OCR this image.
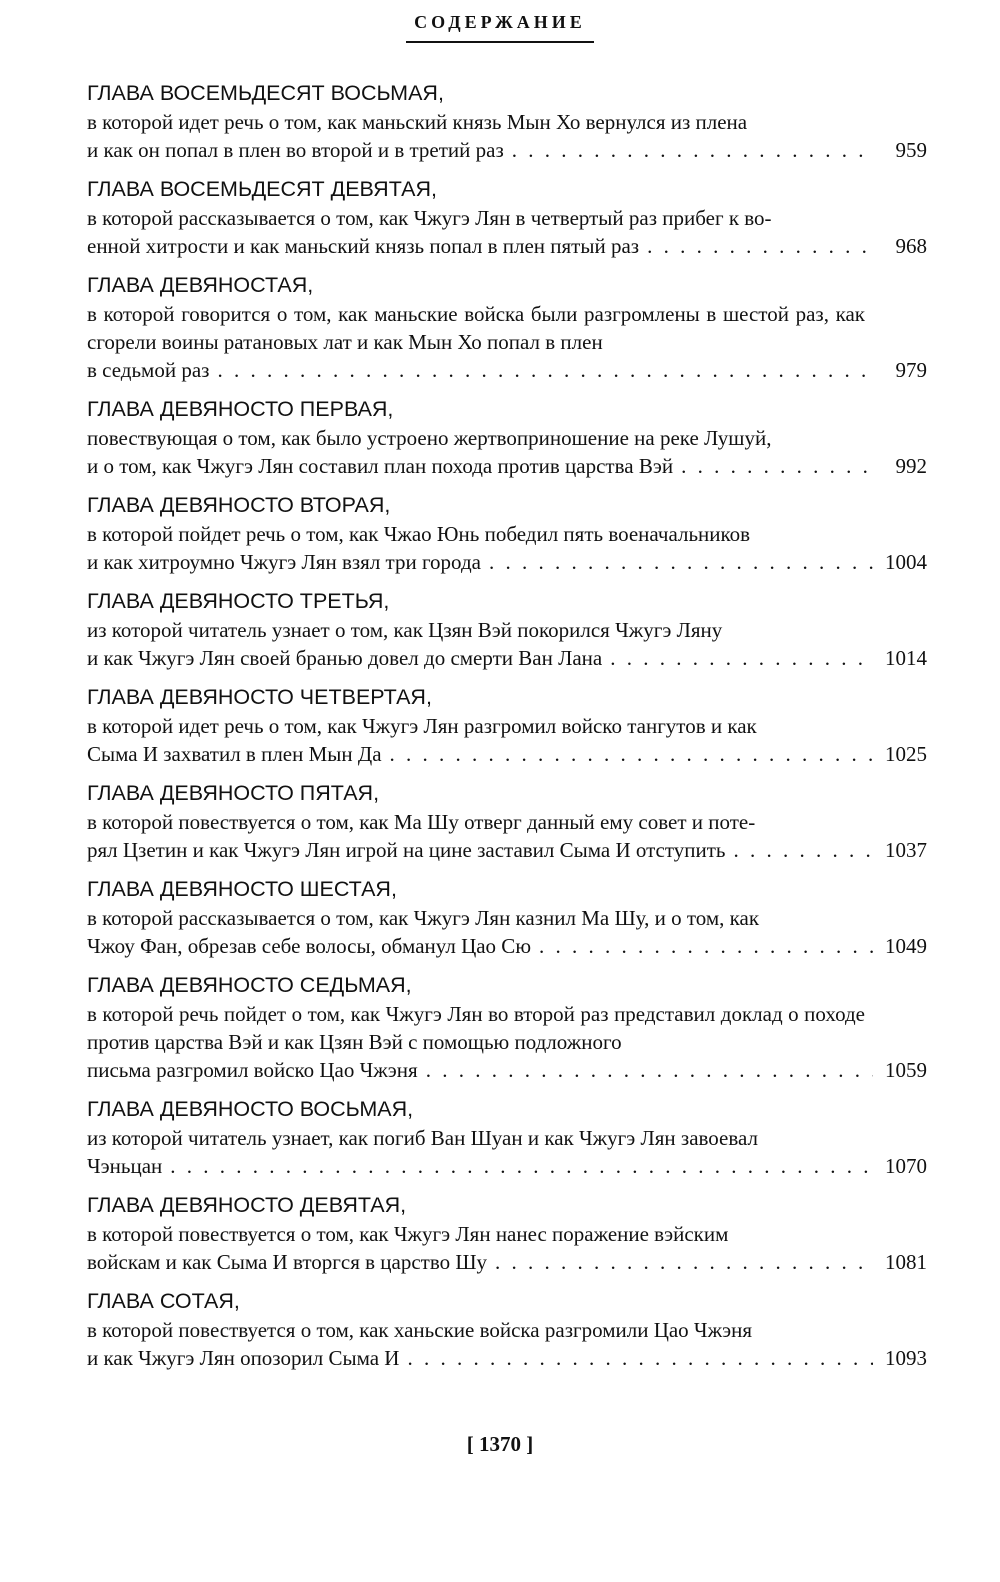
СОДЕРЖАНИЕ
ГЛАВА ВОСЕМЬДЕСЯТ ВОСЬМАЯ,
в которой идет речь о том, как маньский князь Мын Хо вернулся из плена
и как он попал в плен во второй и в третий раз . . .	959
ГЛАВА ВОСЕМЬДЕСЯТ ДЕВЯТАЯ,
в которой рассказывается о том, как Чжугэ Лян в четвертый раз прибег к во-
енной хитрости и как маньский князь попал в плен пятый раз . . .	968
ГЛАВА ДЕВЯНОСТАЯ,
в которой говорится о том, как маньские войска были разгромлены в шестой раз, как сгорели воины ратановых лат и как Мын Хо попал в плен
в седьмой раз . . .	979
ГЛАВА ДЕВЯНОСТО ПЕРВАЯ,
повествующая о том, как было устроено жертвоприношение на реке Лушуй,
и о том, как Чжугэ Лян составил план похода против царства Вэй . . .	992
ГЛАВА ДЕВЯНОСТО ВТОРАЯ,
в которой пойдет речь о том, как Чжао Юнь победил пять военачальников
и как хитроумно Чжугэ Лян взял три города . . .	1004
ГЛАВА ДЕВЯНОСТО ТРЕТЬЯ,
из которой читатель узнает о том, как Цзян Вэй покорился Чжугэ Ляну
и как Чжугэ Лян своей бранью довел до смерти Ван Лана . . .	1014
ГЛАВА ДЕВЯНОСТО ЧЕТВЕРТАЯ,
в которой идет речь о том, как Чжугэ Лян разгромил войско тангутов и как
Сыма И захватил в плен Мын Да . . .	1025
ГЛАВА ДЕВЯНОСТО ПЯТАЯ,
в которой повествуется о том, как Ма Шу отверг данный ему совет и поте-
рял Цзетин и как Чжугэ Лян игрой на цине заставил Сыма И отступить . . .	1037
ГЛАВА ДЕВЯНОСТО ШЕСТАЯ,
в которой рассказывается о том, как Чжугэ Лян казнил Ма Шу, и о том, как
Чжоу Фан, обрезав себе волосы, обманул Цао Сю . . .	1049
ГЛАВА ДЕВЯНОСТО СЕДЬМАЯ,
в которой речь пойдет о том, как Чжугэ Лян во второй раз представил доклад о походе против царства Вэй и как Цзян Вэй с помощью подложного
письма разгромил войско Цао Чжэня . . .	1059
ГЛАВА ДЕВЯНОСТО ВОСЬМАЯ,
из которой читатель узнает, как погиб Ван Шуан и как Чжугэ Лян завоевал
Чэньцан . . .	1070
ГЛАВА ДЕВЯНОСТО ДЕВЯТАЯ,
в которой повествуется о том, как Чжугэ Лян нанес поражение вэйским
войскам и как Сыма И вторгся в царство Шу . . .	1081
ГЛАВА СОТАЯ,
в которой повествуется о том, как ханьские войска разгромили Цао Чжэня
и как Чжугэ Лян опозорил Сыма И . . .	1093
[ 1370 ]
